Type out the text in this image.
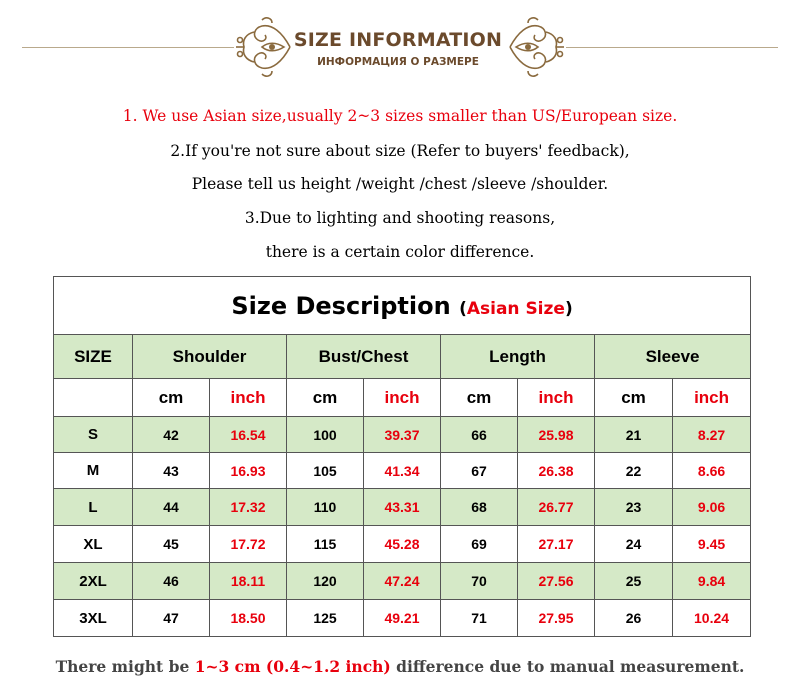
SIZE INFORMATION
ИНФОРМАЦИЯ О РАЗМЕРЕ
1. We use Asian size,usually 2~3 sizes smaller than US/European size.
2.If you're not sure about size (Refer to buyers' feedback),
Please tell us height /weight /chest /sleeve /shoulder.
3.Due to lighting and shooting reasons,
there is a certain color difference.
Size Description (Asian Size)								
SIZE	Shoulder		Bust/Chest		Length		Sleeve	
	cm	inch	cm	inch	cm	inch	cm	inch
S	42	16.54	100	39.37	66	25.98	21	8.27
M	43	16.93	105	41.34	67	26.38	22	8.66
L	44	17.32	110	43.31	68	26.77	23	9.06
XL	45	17.72	115	45.28	69	27.17	24	9.45
2XL	46	18.11	120	47.24	70	27.56	25	9.84
3XL	47	18.50	125	49.21	71	27.95	26	10.24
There might be 1~3 cm (0.4~1.2 inch) difference due to manual measurement.
